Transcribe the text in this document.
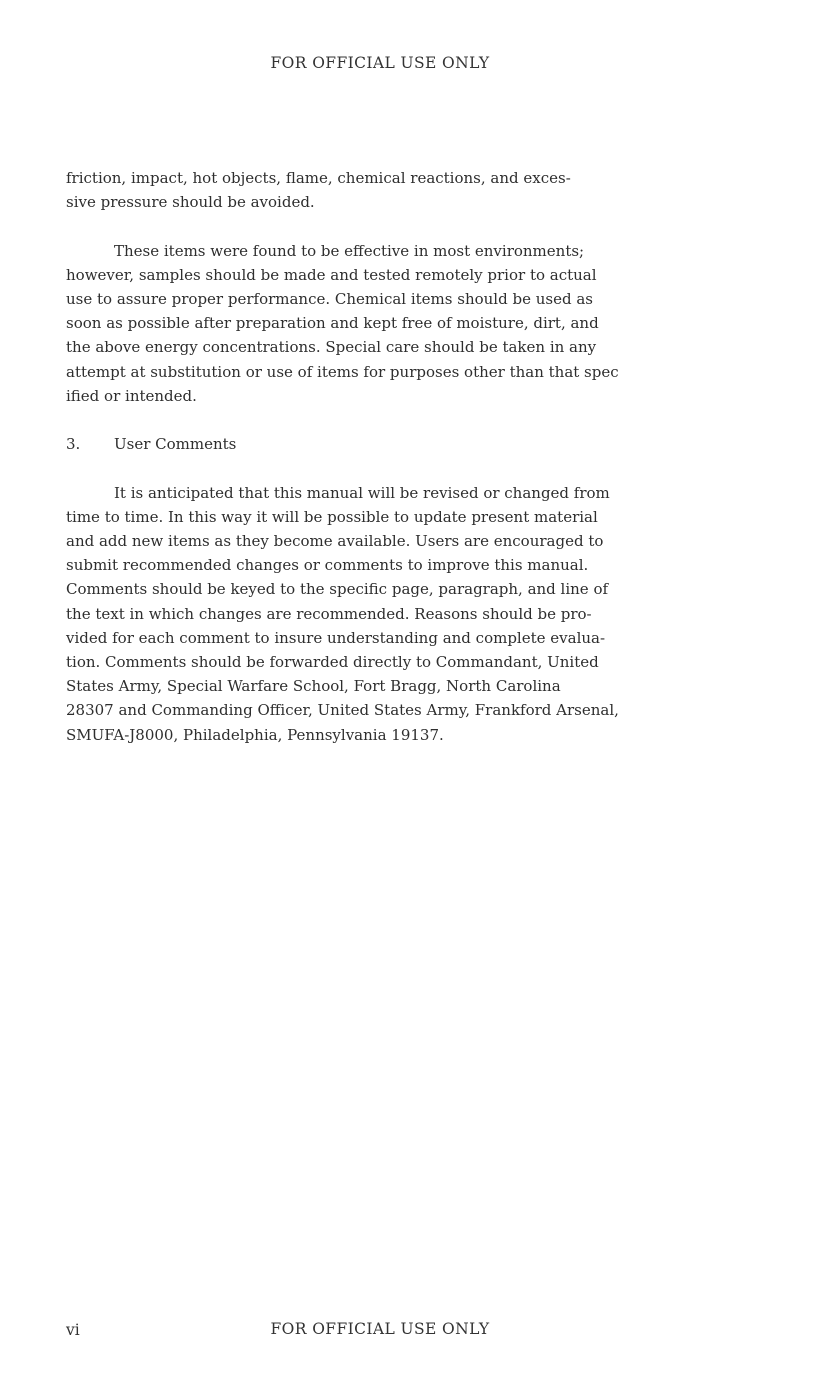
FOR OFFICIAL USE ONLY
friction, impact, hot objects, flame, chemical reactions, and exces-
sive pressure should be avoided.
These items were found to be effective in most environments;
however, samples should be made and tested remotely prior to actual
use to assure proper performance. Chemical items should be used as
soon as possible after preparation and kept free of moisture, dirt, and
the above energy concentrations. Special care should be taken in any
attempt at substitution or use of items for purposes other than that spec
ified or intended.
3. User Comments
It is anticipated that this manual will be revised or changed from
time to time. In this way it will be possible to update present material
and add new items as they become available. Users are encouraged to
submit recommended changes or comments to improve this manual.
Comments should be keyed to the specific page, paragraph, and line of
the text in which changes are recommended. Reasons should be pro-
vided for each comment to insure understanding and complete evalua-
tion. Comments should be forwarded directly to Commandant, United
States Army, Special Warfare School, Fort Bragg, North Carolina
28307 and Commanding Officer, United States Army, Frankford Arsenal,
SMUFA-J8000, Philadelphia, Pennsylvania 19137.
vi	FOR OFFICIAL USE ONLY
